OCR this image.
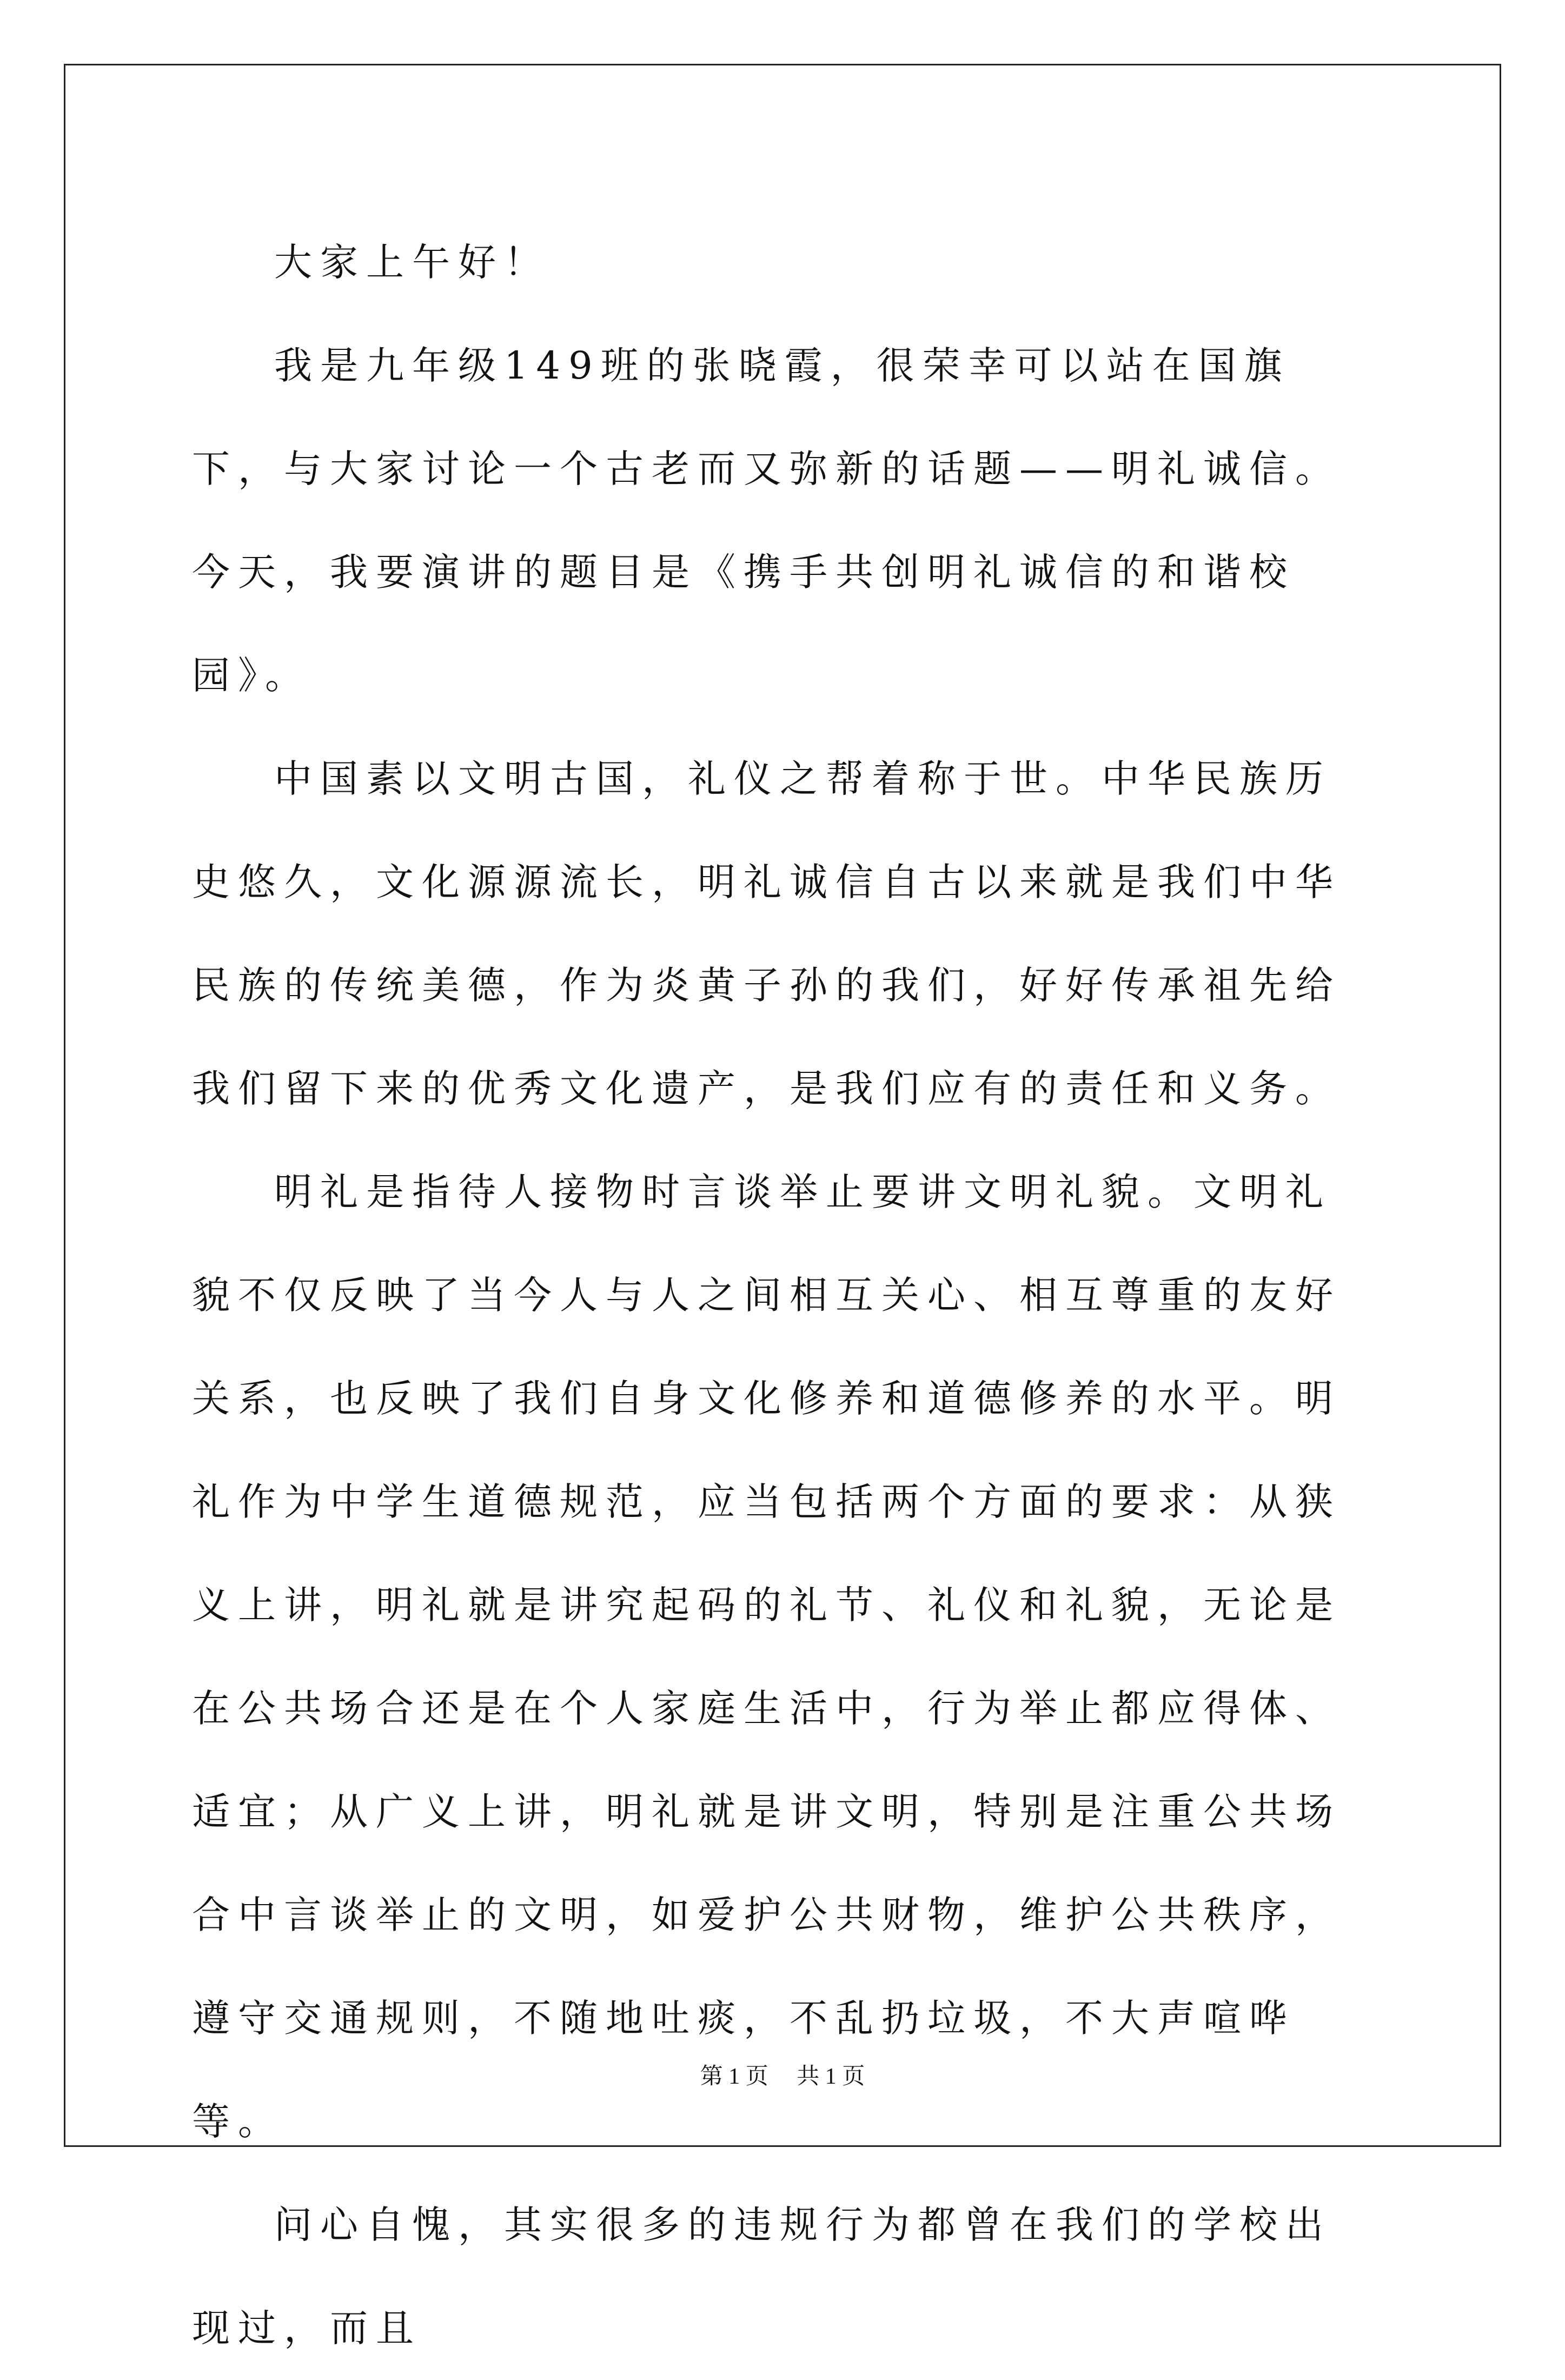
大家上午好！

我是九年级149班的张晓霞，很荣幸可以站在国旗下，与大家讨论一个古老而又弥新的话题——明礼诚信。今天，我要演讲的题目是《携手共创明礼诚信的和谐校园》。

中国素以文明古国，礼仪之帮着称于世。中华民族历史悠久，文化源源流长，明礼诚信自古以来就是我们中华民族的传统美德，作为炎黄子孙的我们，好好传承祖先给我们留下来的优秀文化遗产，是我们应有的责任和义务。

明礼是指待人接物时言谈举止要讲文明礼貌。文明礼貌不仅反映了当今人与人之间相互关心、相互尊重的友好关系，也反映了我们自身文化修养和道德修养的水平。明礼作为中学生道德规范，应当包括两个方面的要求：从狭义上讲，明礼就是讲究起码的礼节、礼仪和礼貌，无论是在公共场合还是在个人家庭生活中，行为举止都应得体、适宜；从广义上讲，明礼就是讲文明，特别是注重公共场合中言谈举止的文明，如爱护公共财物，维护公共秩序，遵守交通规则，不随地吐痰，不乱扔垃圾，不大声喧哗等。

问心自愧，其实很多的违规行为都曾在我们的学校出现过，而且

第 1 页　 共 1 页
